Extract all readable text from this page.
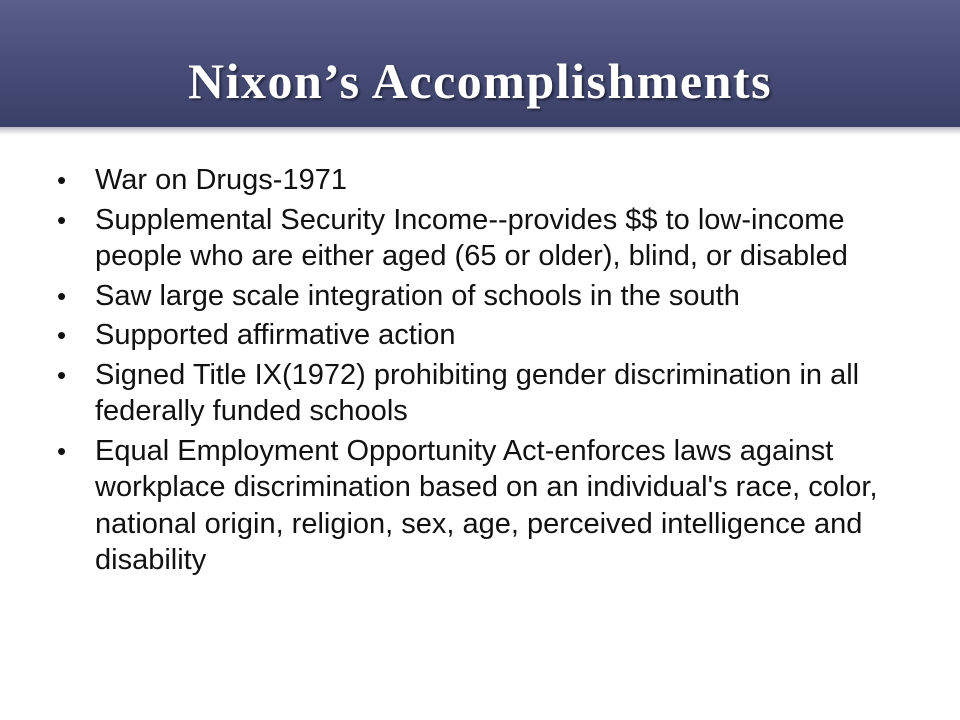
Nixon’s Accomplishments
• War on Drugs-1971
• Supplemental Security Income--provides $$ to low-income people who are either aged (65 or older), blind, or disabled
• Saw large scale integration of schools in the south
• Supported affirmative action
• Signed Title IX(1972) prohibiting gender discrimination in all federally funded schools
• Equal Employment Opportunity Act-enforces laws against workplace discrimination based on an individual's race, color, national origin, religion, sex, age, perceived intelligence and disability
